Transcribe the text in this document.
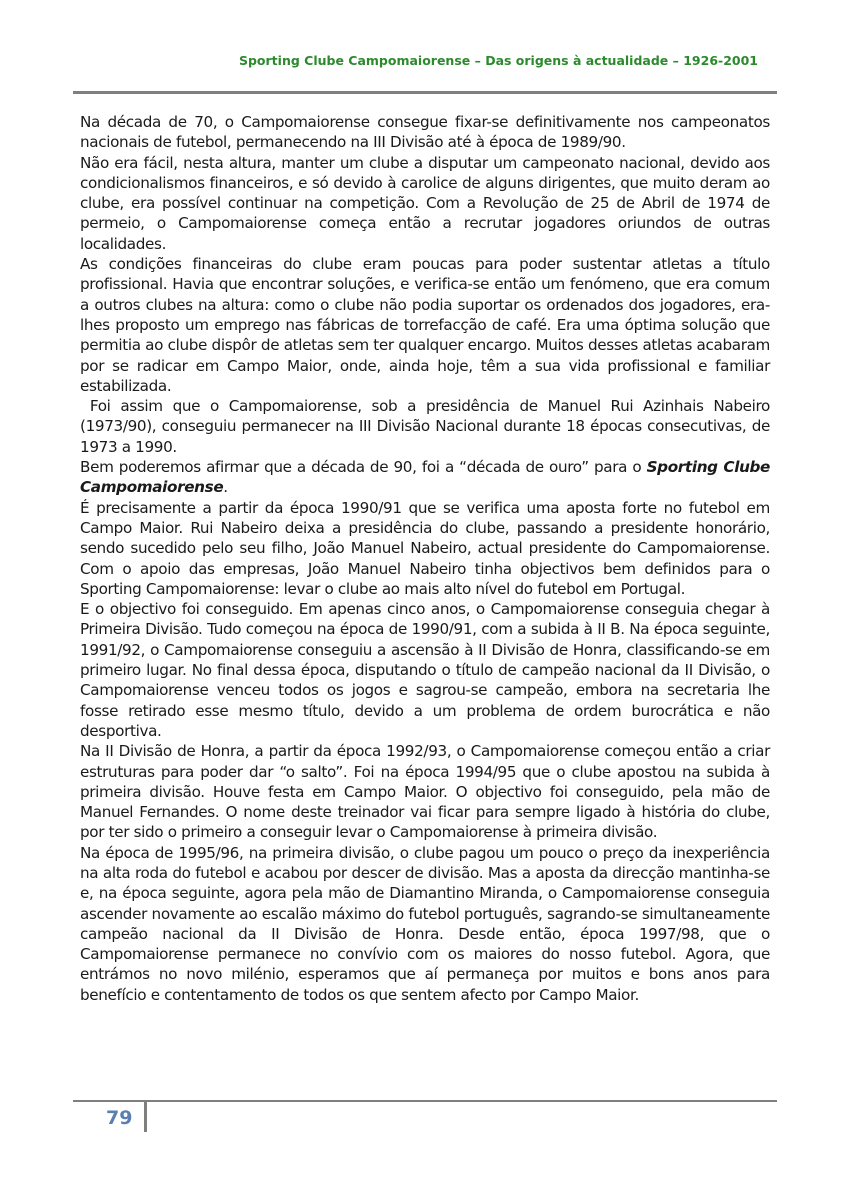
Sporting Clube Campomaiorense – Das origens à actualidade – 1926-2001

Na década de 70, o Campomaiorense consegue fixar-se definitivamente nos campeonatos nacionais de futebol, permanecendo na III Divisão até à época de 1989/90.

Não era fácil, nesta altura, manter um clube a disputar um campeonato nacional, devido aos condicionalismos financeiros, e só devido à carolice de alguns dirigentes, que muito deram ao clube, era possível continuar na competição. Com a Revolução de 25 de Abril de 1974 de permeio, o Campomaiorense começa então a recrutar jogadores oriundos de outras localidades.

As condições financeiras do clube eram poucas para poder sustentar atletas a título profissional. Havia que encontrar soluções, e verifica-se então um fenómeno, que era comum a outros clubes na altura: como o clube não podia suportar os ordenados dos jogadores, era-lhes proposto um emprego nas fábricas de torrefacção de café. Era uma óptima solução que permitia ao clube dispôr de atletas sem ter qualquer encargo. Muitos desses atletas acabaram por se radicar em Campo Maior, onde, ainda hoje, têm a sua vida profissional e familiar estabilizada.

Foi assim que o Campomaiorense, sob a presidência de Manuel Rui Azinhais Nabeiro (1973/90), conseguiu permanecer na III Divisão Nacional durante 18 épocas consecutivas, de 1973 a 1990.

Bem poderemos afirmar que a década de 90, foi a “década de ouro” para o Sporting Clube Campomaiorense.

É precisamente a partir da época 1990/91 que se verifica uma aposta forte no futebol em Campo Maior. Rui Nabeiro deixa a presidência do clube, passando a presidente honorário, sendo sucedido pelo seu filho, João Manuel Nabeiro, actual presidente do Campomaiorense. Com o apoio das empresas, João Manuel Nabeiro tinha objectivos bem definidos para o Sporting Campomaiorense: levar o clube ao mais alto nível do futebol em Portugal.

E o objectivo foi conseguido. Em apenas cinco anos, o Campomaiorense conseguia chegar à Primeira Divisão. Tudo começou na época de 1990/91, com a subida à II B. Na época seguinte, 1991/92, o Campomaiorense conseguiu a ascensão à II Divisão de Honra, classificando-se em primeiro lugar. No final dessa época, disputando o título de campeão nacional da II Divisão, o Campomaiorense venceu todos os jogos e sagrou-se campeão, embora na secretaria lhe fosse retirado esse mesmo título, devido a um problema de ordem burocrática e não desportiva.

Na II Divisão de Honra, a partir da época 1992/93, o Campomaiorense começou então a criar estruturas para poder dar “o salto”. Foi na época 1994/95 que o clube apostou na subida à primeira divisão. Houve festa em Campo Maior. O objectivo foi conseguido, pela mão de Manuel Fernandes. O nome deste treinador vai ficar para sempre ligado à história do clube, por ter sido o primeiro a conseguir levar o Campomaiorense à primeira divisão.

Na época de 1995/96, na primeira divisão, o clube pagou um pouco o preço da inexperiência na alta roda do futebol e acabou por descer de divisão. Mas a aposta da direcção mantinha-se e, na época seguinte, agora pela mão de Diamantino Miranda, o Campomaiorense conseguia ascender novamente ao escalão máximo do futebol português, sagrando-se simultaneamente campeão nacional da II Divisão de Honra. Desde então, época 1997/98, que o Campomaiorense permanece no convívio com os maiores do nosso futebol. Agora, que entrámos no novo milénio, esperamos que aí permaneça por muitos e bons anos para benefício e contentamento de todos os que sentem afecto por Campo Maior.

79
